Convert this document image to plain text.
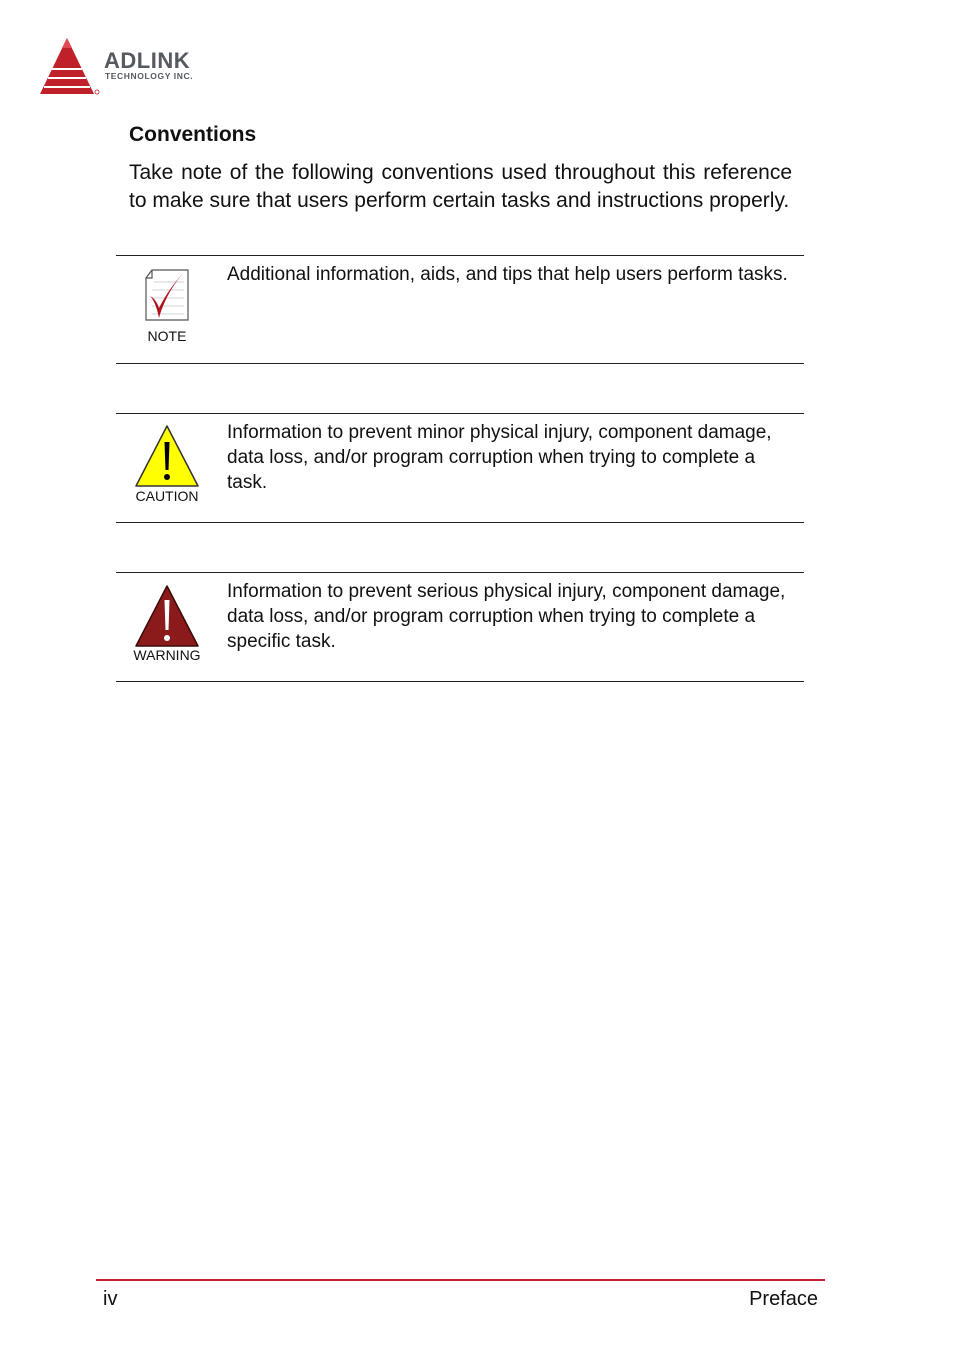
ADLINK
TECHNOLOGY INC.
Conventions

Take note of the following conventions used throughout this reference to make sure that users perform certain tasks and instructions properly.

NOTE

Additional information, aids, and tips that help users perform tasks.

CAUTION

Information to prevent minor physical injury, component damage, data loss, and/or program corruption when trying to complete a task.

WARNING

Information to prevent serious physical injury, component damage, data loss, and/or program corruption when trying to complete a specific task.

iv	Preface
